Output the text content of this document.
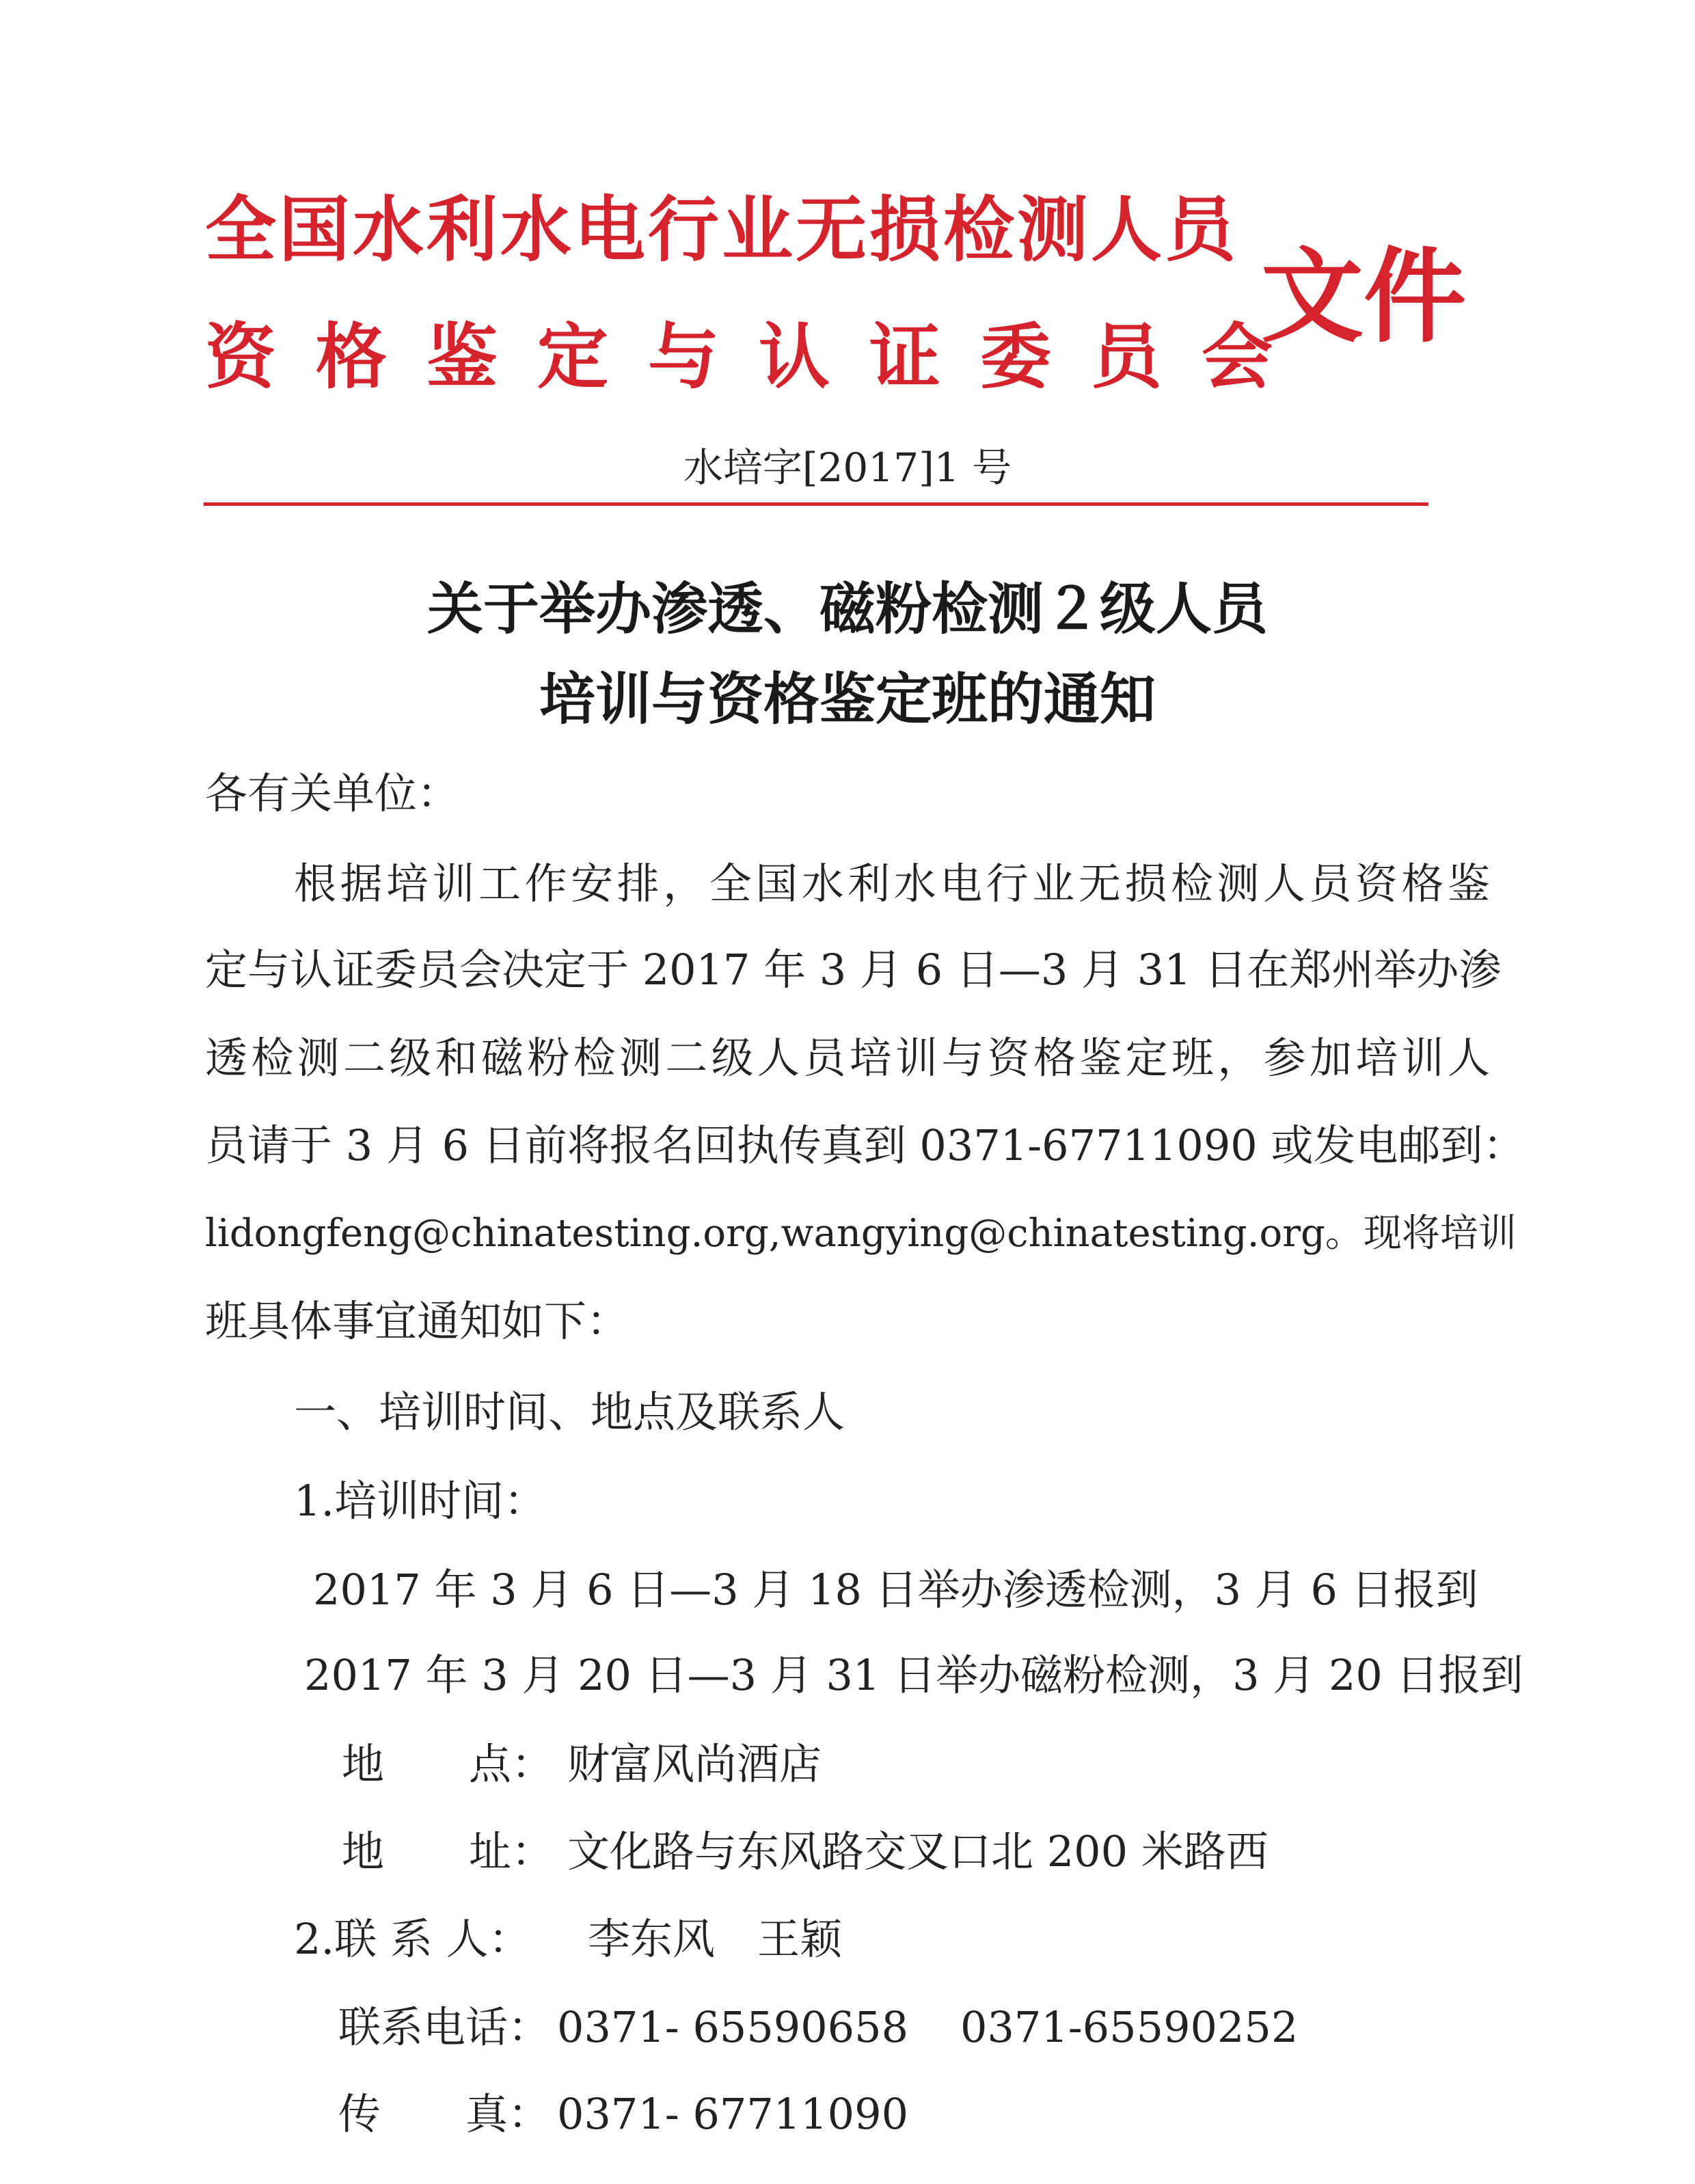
全国水利水电行业无损检测人员
资格鉴定与认证委员会
文件
水培字[2017]1 号
关于举办渗透、磁粉检测２级人员
培训与资格鉴定班的通知
各有关单位：
根据培训工作安排，全国水利水电行业无损检测人员资格鉴
定与认证委员会决定于 2017 年 3 月 6 日—3 月 31 日在郑州举办渗
透检测二级和磁粉检测二级人员培训与资格鉴定班，参加培训人
员请于 3 月 6 日前将报名回执传真到 0371-67711090 或发电邮到：
lidongfeng@chinatesting.org,wangying@chinatesting.org。现将培训
班具体事宜通知如下：
一、培训时间、地点及联系人
1.培训时间：
2017 年 3 月 6 日—3 月 18 日举办渗透检测，3 月 6 日报到
2017 年 3 月 20 日—3 月 31 日举办磁粉检测，3 月 20 日报到
地　　点： 财富风尚酒店
地　　址： 文化路与东风路交叉口北 200 米路西
2.联 系 人： 李东风　王颖
联系电话： 0371- 65590658 0371-65590252
传　　真： 0371- 67711090
